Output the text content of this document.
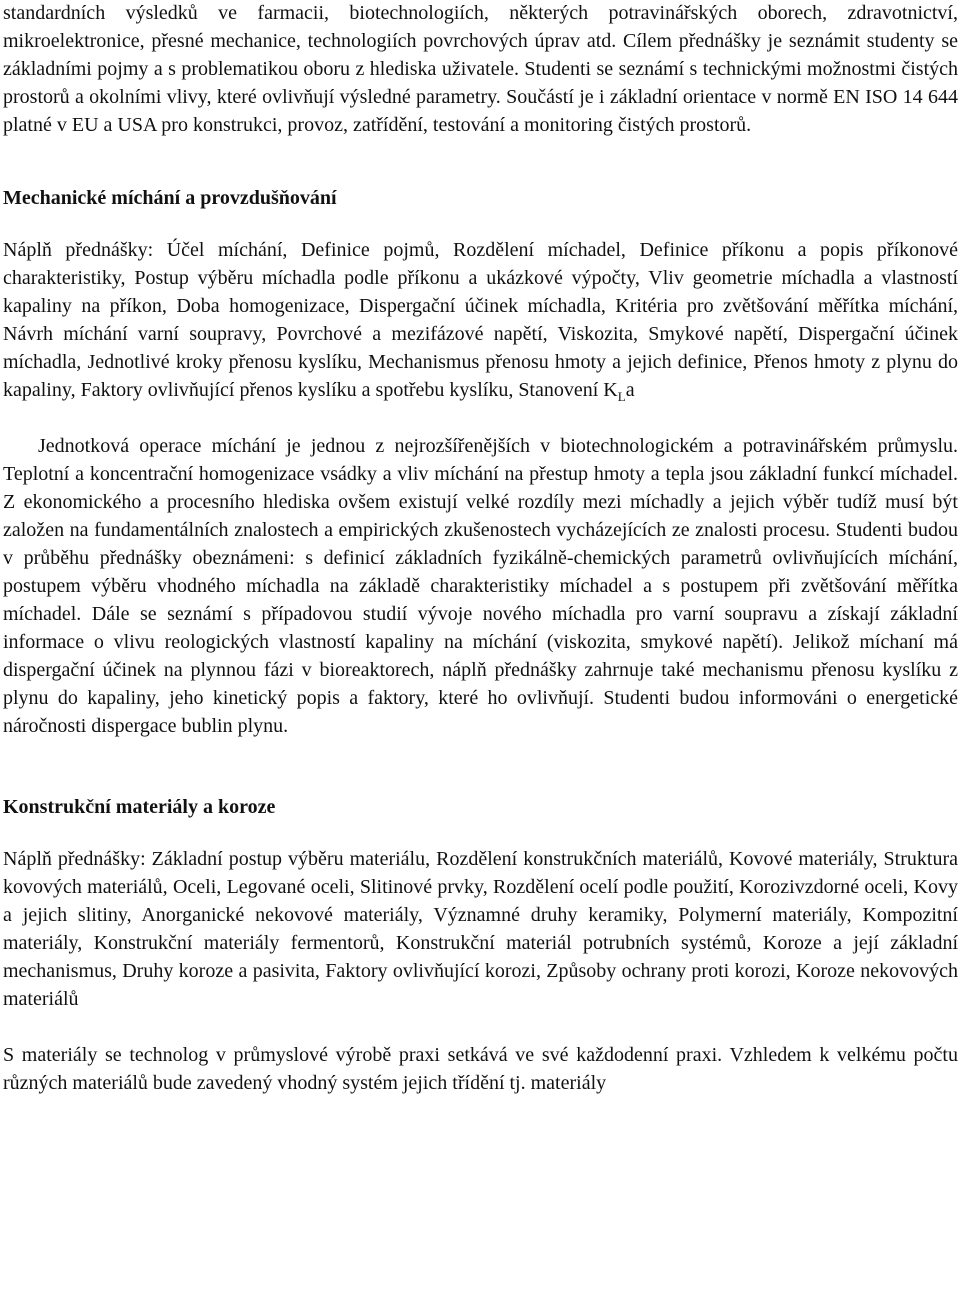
standardních výsledků ve farmacii, biotechnologiích, některých potravinářských oborech, zdravotnictví, mikroelektronice, přesné mechanice, technologiích povrchových úprav atd. Cílem přednášky je seznámit studenty se základními pojmy a s problematikou oboru z hlediska uživatele. Studenti se seznámí s technickými možnostmi čistých prostorů a okolními vlivy, které ovlivňují výsledné parametry. Součástí je i základní orientace v normě EN ISO 14 644 platné v EU a USA pro konstrukci, provoz, zatřídění, testování a monitoring čistých prostorů.

Mechanické míchání a provzdušňování

Náplň přednášky: Účel míchání, Definice pojmů, Rozdělení míchadel, Definice příkonu a popis příkonové charakteristiky, Postup výběru míchadla podle příkonu a ukázkové výpočty, Vliv geometrie míchadla a vlastností kapaliny na příkon, Doba homogenizace, Dispergační účinek míchadla, Kritéria pro zvětšování měřítka míchání, Návrh míchání varní soupravy, Povrchové a mezifázové napětí, Viskozita, Smykové napětí, Dispergační účinek míchadla, Jednotlivé kroky přenosu kyslíku, Mechanismus přenosu hmoty a jejich definice, Přenos hmoty z plynu do kapaliny, Faktory ovlivňující přenos kyslíku a spotřebu kyslíku, Stanovení $K_La$

Jednotková operace míchání je jednou z nejrozšířenějších v biotechnologickém a potravinářském průmyslu. Teplotní a koncentrační homogenizace vsádky a vliv míchání na přestup hmoty a tepla jsou základní funkcí míchadel. Z ekonomického a procesního hlediska ovšem existují velké rozdíly mezi míchadly a jejich výběr tudíž musí být založen na fundamentálních znalostech a empirických zkušenostech vycházejících ze znalosti procesu. Studenti budou v průběhu přednášky obeznámeni: s definicí základních fyzikálně-chemických parametrů ovlivňujících míchání, postupem výběru vhodného míchadla na základě charakteristiky míchadel a s postupem při zvětšování měřítka míchadel. Dále se seznámí s případovou studií vývoje nového míchadla pro varní soupravu a získají základní informace o vlivu reologických vlastností kapaliny na míchání (viskozita, smykové napětí). Jelikož míchaní má dispergační účinek na plynnou fázi v bioreaktorech, náplň přednášky zahrnuje také mechanismu přenosu kyslíku z plynu do kapaliny, jeho kinetický popis a faktory, které ho ovlivňují. Studenti budou informováni o energetické náročnosti dispergace bublin plynu.

Konstrukční materiály a koroze

Náplň přednášky: Základní postup výběru materiálu, Rozdělení konstrukčních materiálů, Kovové materiály, Struktura kovových materiálů, Oceli, Legované oceli, Slitinové prvky, Rozdělení ocelí podle použití, Korozivzdorné oceli, Kovy a jejich slitiny, Anorganické nekovové materiály, Významné druhy keramiky, Polymerní materiály, Kompozitní materiály, Konstrukční materiály fermentorů, Konstrukční materiál potrubních systémů, Koroze a její základní mechanismus, Druhy koroze a pasivita, Faktory ovlivňující korozi, Způsoby ochrany proti korozi, Koroze nekovových materiálů

S materiály se technolog v průmyslové výrobě praxi setkává ve své každodenní praxi. Vzhledem k velkému počtu různých materiálů bude zavedený vhodný systém jejich třídění tj. materiály
